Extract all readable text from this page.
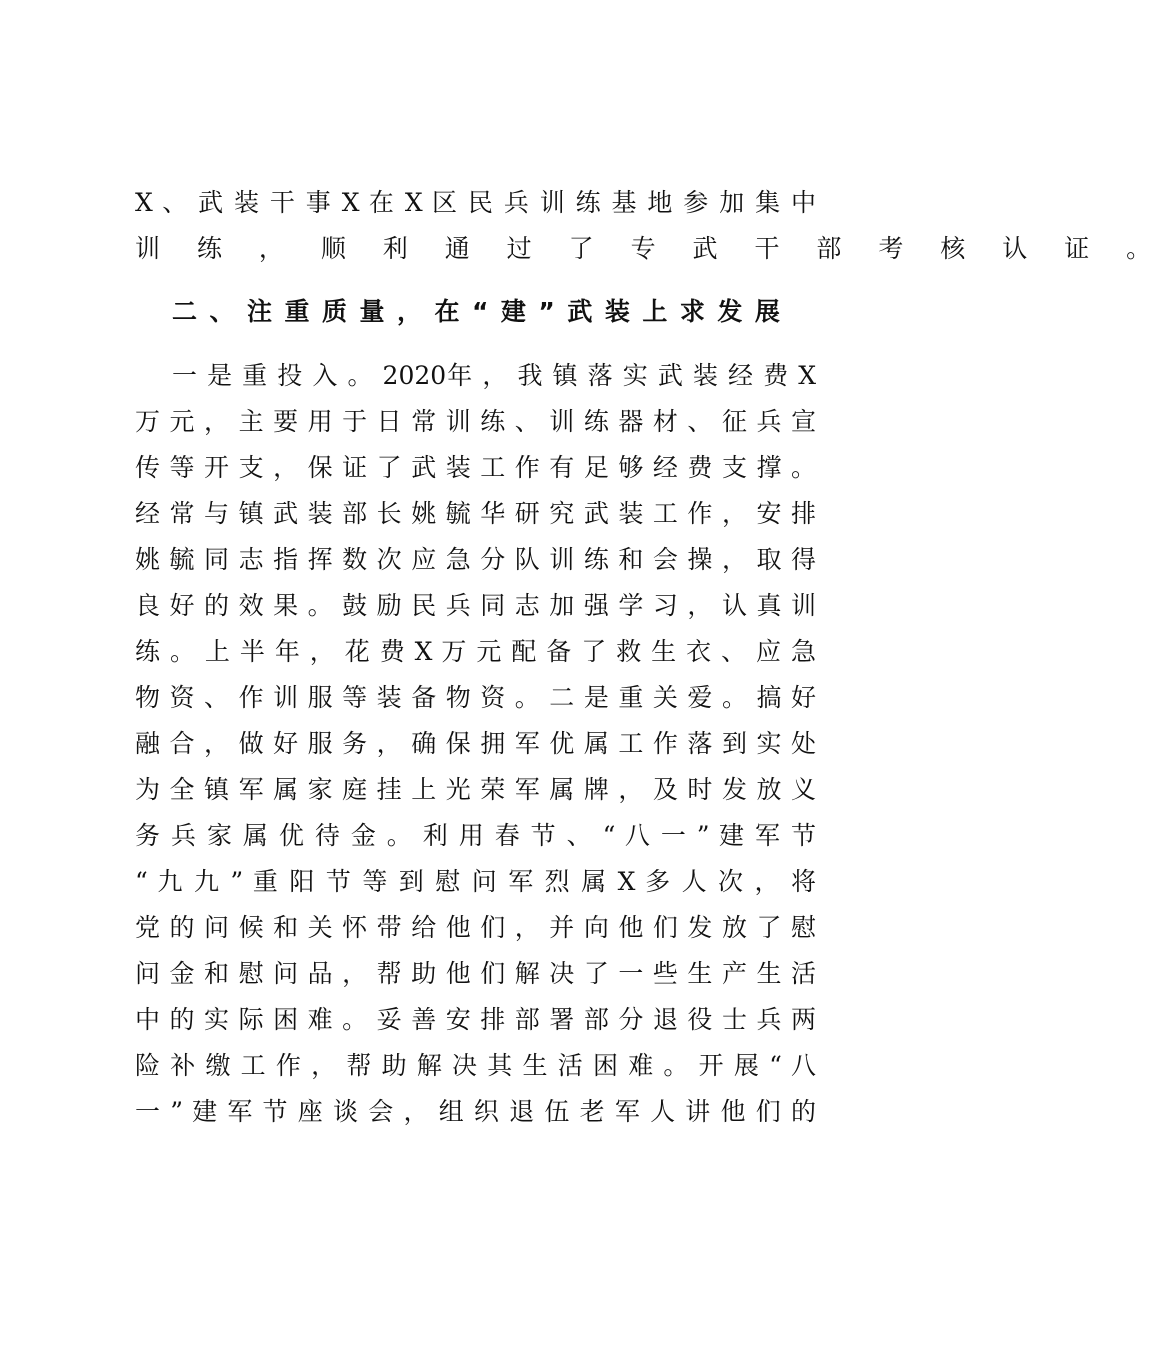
X 、 武 装 干 事 X 在 X 区 民 兵 训 练 基 地 参 加 集 中
训 练 ， 顺 利 通 过 了 专 武 干 部 考 核 认 证 。
二、注重质量，在“建”武装上求发展
一 是 重 投 入 。 2020年 ， 我 镇 落 实 武 装 经 费 X
万 元 ， 主 要 用 于 日 常 训 练 、 训 练 器 材 、 征 兵 宣
传 等 开 支 ， 保 证 了 武 装 工 作 有 足 够 经 费 支 撑 。
经 常 与 镇 武 装 部 长 姚 毓 华 研 究 武 装 工 作 ， 安 排
姚 毓 同 志 指 挥 数 次 应 急 分 队 训 练 和 会 操 ， 取 得
良 好 的 效 果 。 鼓 励 民 兵 同 志 加 强 学 习 ， 认 真 训
练 。 上 半 年 ， 花 费 X 万 元 配 备 了 救 生 衣 、 应 急
物 资 、 作 训 服 等 装 备 物 资 。 二 是 重 关 爱 。 搞 好
融 合 ， 做 好 服 务 ， 确 保 拥 军 优 属 工 作 落 到 实 处
为 全 镇 军 属 家 庭 挂 上 光 荣 军 属 牌 ， 及 时 发 放 义
务 兵 家 属 优 待 金 。 利 用 春 节 、 “ 八 一 ” 建 军 节
“ 九 九 ” 重 阳 节 等 到 慰 问 军 烈 属 X 多 人 次 ， 将
党 的 问 候 和 关 怀 带 给 他 们 ， 并 向 他 们 发 放 了 慰
问 金 和 慰 问 品 ， 帮 助 他 们 解 决 了 一 些 生 产 生 活
中 的 实 际 困 难 。 妥 善 安 排 部 署 部 分 退 役 士 兵 两
险 补 缴 工 作 ， 帮 助 解 决 其 生 活 困 难 。 开 展 “ 八
一 ” 建 军 节 座 谈 会 ， 组 织 退 伍 老 军 人 讲 他 们 的
